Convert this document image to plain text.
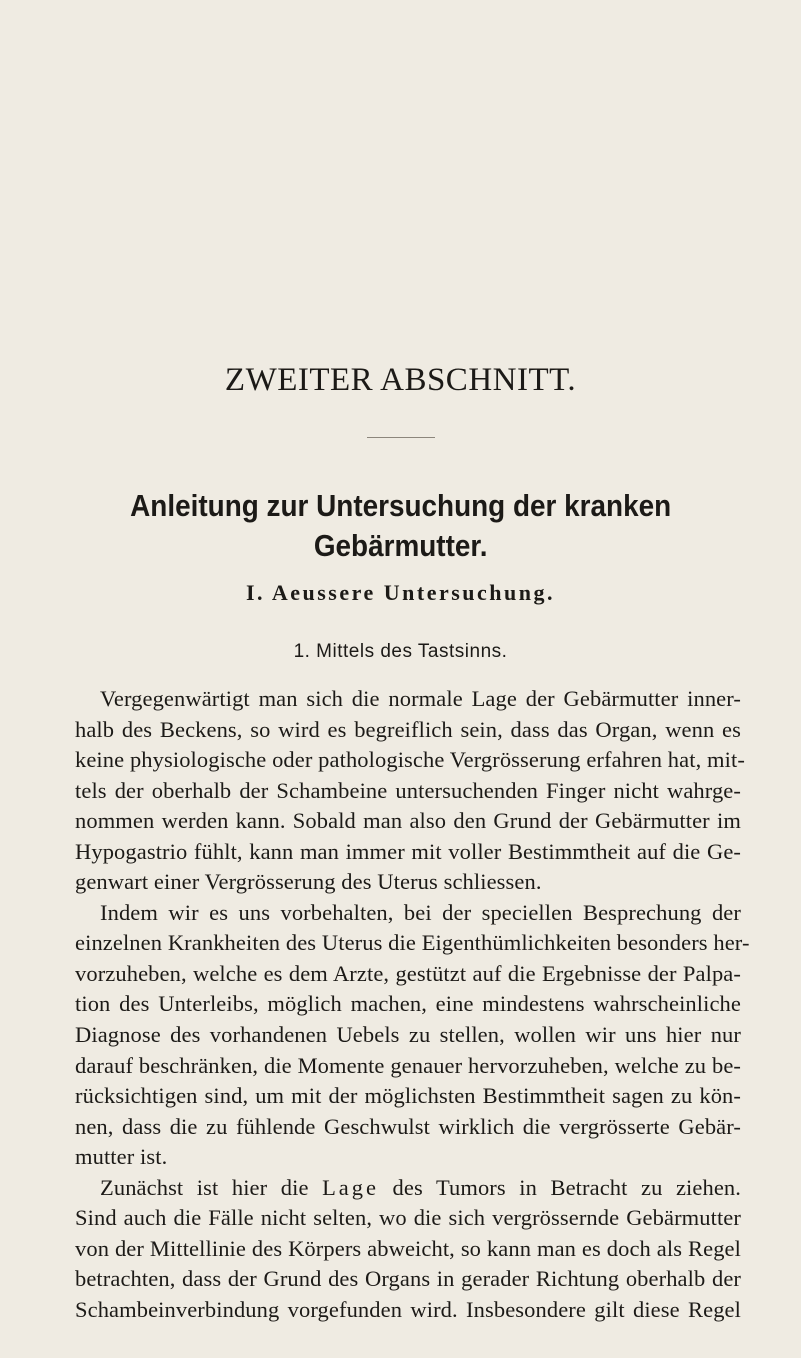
ZWEITER ABSCHNITT.
Anleitung zur Untersuchung der kranken Gebärmutter.
I. Aeussere Untersuchung.
1. Mittels des Tastsinns.
Vergegenwärtigt man sich die normale Lage der Gebärmutter inner-
halb des Beckens, so wird es begreiflich sein, dass das Organ, wenn es
keine physiologische oder pathologische Vergrösserung erfahren hat, mit-
tels der oberhalb der Schambeine untersuchenden Finger nicht wahrge-
nommen werden kann. Sobald man also den Grund der Gebärmutter im
Hypogastrio fühlt, kann man immer mit voller Bestimmtheit auf die Ge-
genwart einer Vergrösserung des Uterus schliessen.
Indem wir es uns vorbehalten, bei der speciellen Besprechung der
einzelnen Krankheiten des Uterus die Eigenthümlichkeiten besonders her-
vorzuheben, welche es dem Arzte, gestützt auf die Ergebnisse der Palpa-
tion des Unterleibs, möglich machen, eine mindestens wahrscheinliche
Diagnose des vorhandenen Uebels zu stellen, wollen wir uns hier nur
darauf beschränken, die Momente genauer hervorzuheben, welche zu be-
rücksichtigen sind, um mit der möglichsten Bestimmtheit sagen zu kön-
nen, dass die zu fühlende Geschwulst wirklich die vergrösserte Gebär-
mutter ist.
Zunächst ist hier die Lage des Tumors in Betracht zu ziehen.
Sind auch die Fälle nicht selten, wo die sich vergrössernde Gebärmutter
von der Mittellinie des Körpers abweicht, so kann man es doch als Regel
betrachten, dass der Grund des Organs in gerader Richtung oberhalb der
Schambeinverbindung vorgefunden wird. Insbesondere gilt diese Regel
